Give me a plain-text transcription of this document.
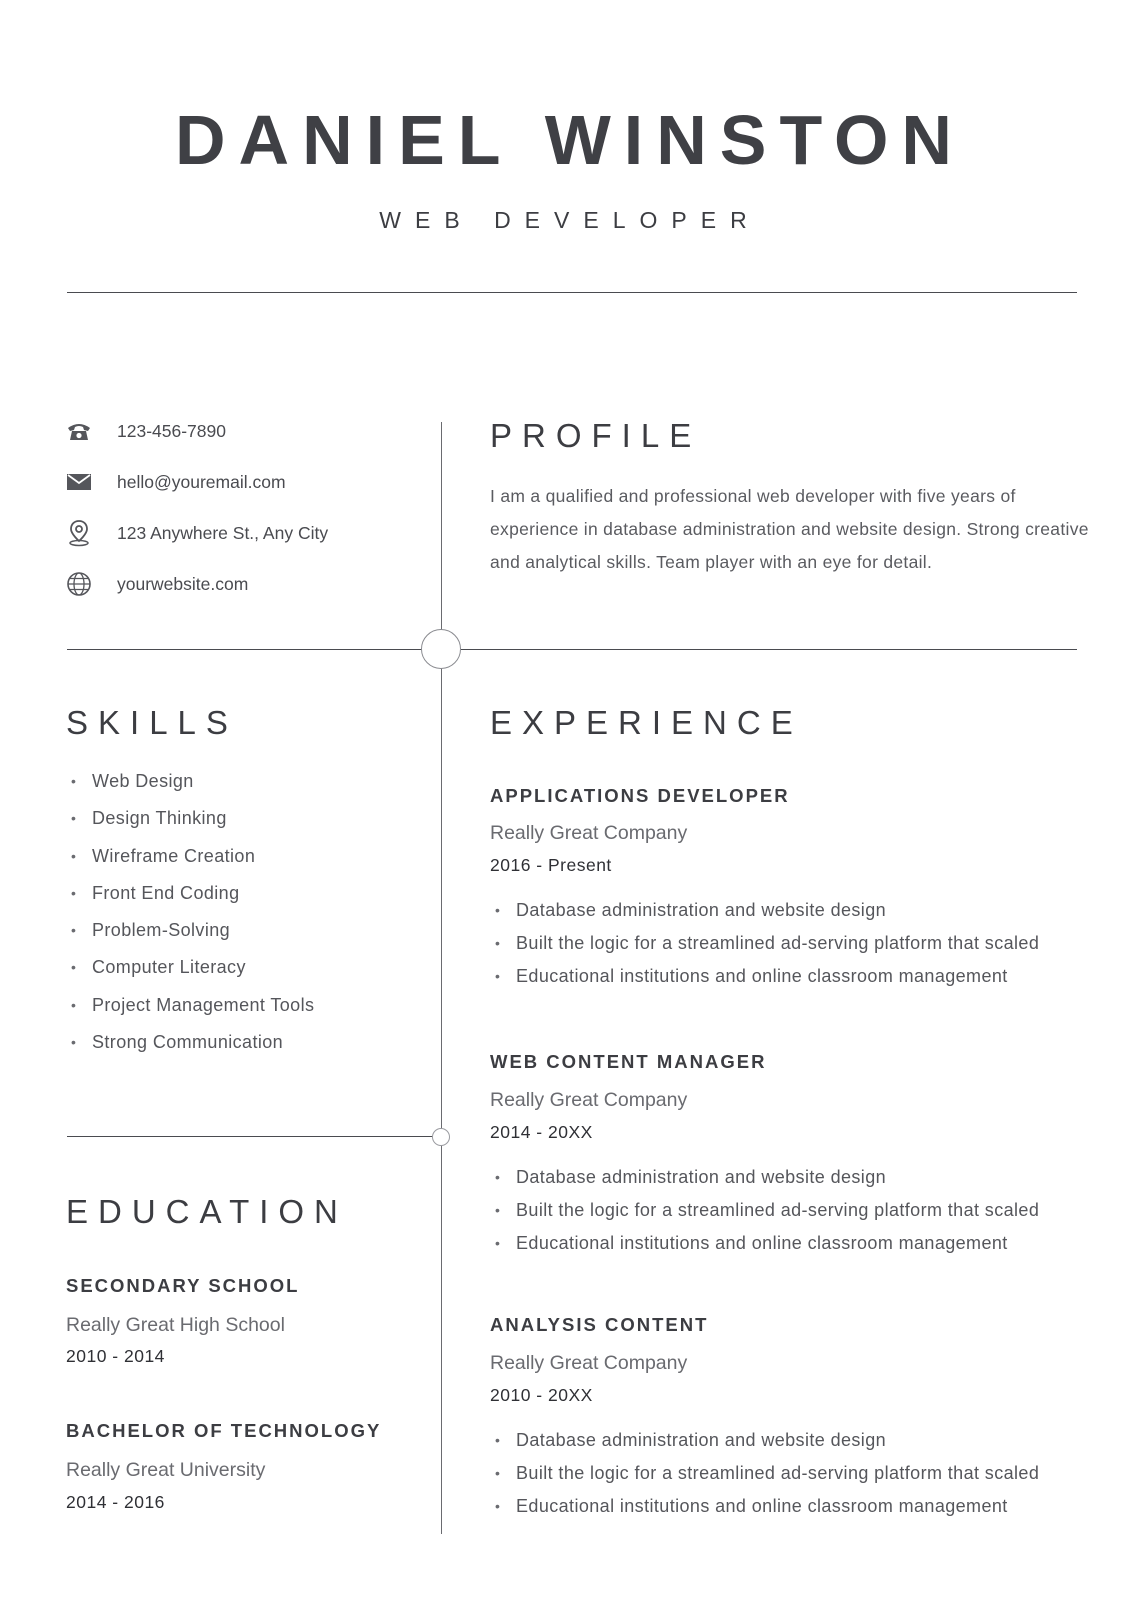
DANIEL WINSTON
WEB DEVELOPER
123-456-7890
hello@youremail.com
123 Anywhere St., Any City
yourwebsite.com
PROFILE
I am a qualified and professional web developer with five years of experience in database administration and website design. Strong creative and analytical skills. Team player with an eye for detail.
SKILLS
• Web Design
• Design Thinking
• Wireframe Creation
• Front End Coding
• Problem-Solving
• Computer Literacy
• Project Management Tools
• Strong Communication
EDUCATION
SECONDARY SCHOOL
Really Great High School
2010 - 2014
BACHELOR OF TECHNOLOGY
Really Great University
2014 - 2016
EXPERIENCE
APPLICATIONS DEVELOPER
Really Great Company
2016 - Present
• Database administration and website design
• Built the logic for a streamlined ad-serving platform that scaled
• Educational institutions and online classroom management
WEB CONTENT MANAGER
Really Great Company
2014 - 20XX
• Database administration and website design
• Built the logic for a streamlined ad-serving platform that scaled
• Educational institutions and online classroom management
ANALYSIS CONTENT
Really Great Company
2010 - 20XX
• Database administration and website design
• Built the logic for a streamlined ad-serving platform that scaled
• Educational institutions and online classroom management
